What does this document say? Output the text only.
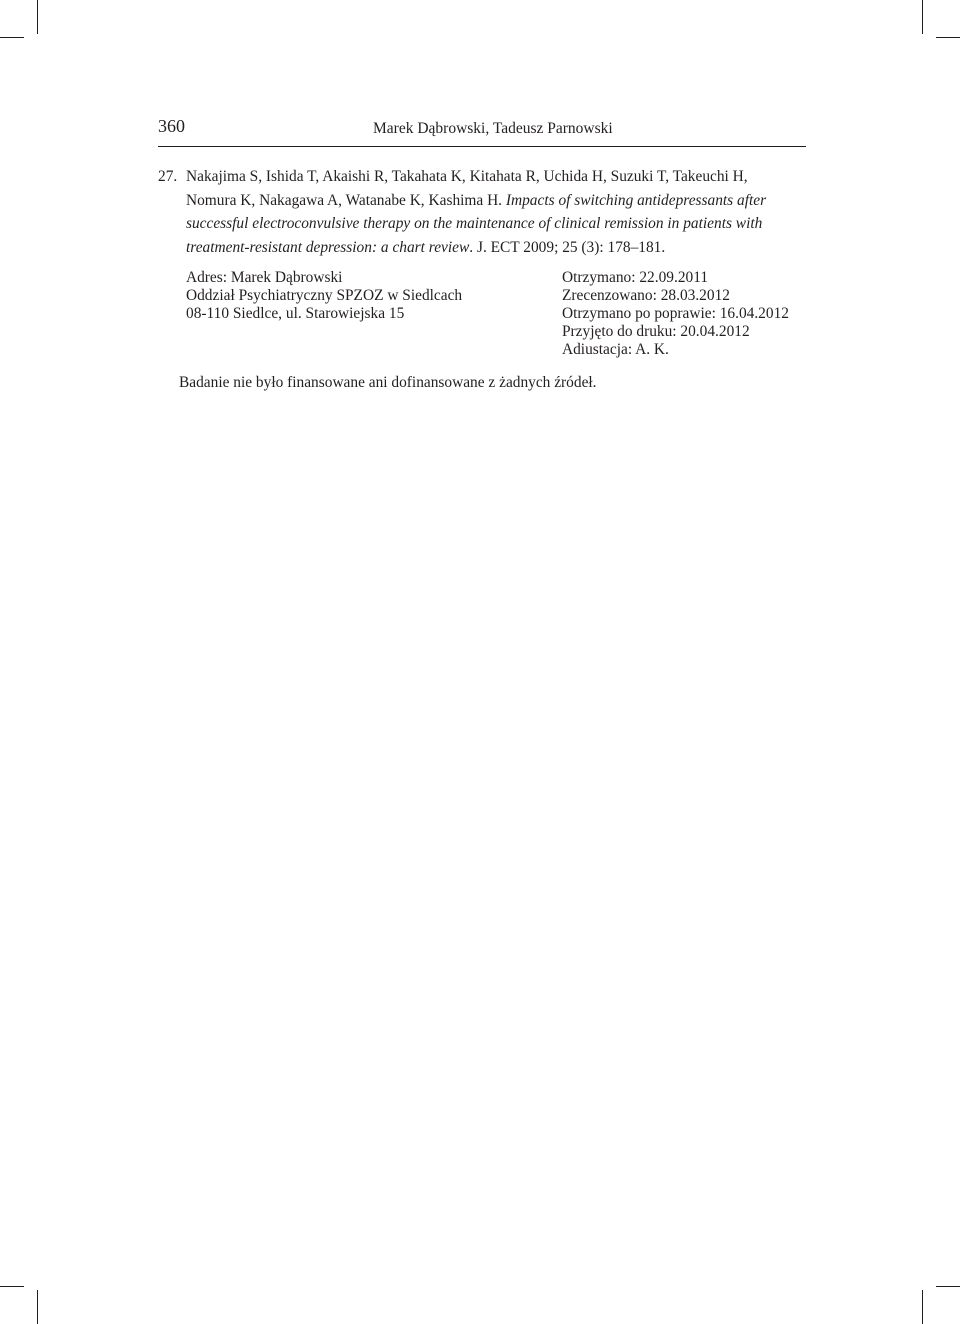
360	Marek Dąbrowski, Tadeusz Parnowski
27. Nakajima S, Ishida T, Akaishi R, Takahata K, Kitahata R, Uchida H, Suzuki T, Takeuchi H,
Nomura K, Nakagawa A, Watanabe K, Kashima H. Impacts of switching antidepressants after
successful electroconvulsive therapy on the maintenance of clinical remission in patients with
treatment-resistant depression: a chart review. J. ECT 2009; 25 (3): 178–181.
Adres: Marek Dąbrowski
Oddział Psychiatryczny SPZOZ w Siedlcach
08-110 Siedlce, ul. Starowiejska 15
Otrzymano: 22.09.2011
Zrecenzowano: 28.03.2012
Otrzymano po poprawie: 16.04.2012
Przyjęto do druku: 20.04.2012
Adiustacja: A. K.
Badanie nie było finansowane ani dofinansowane z żadnych źródeł.
